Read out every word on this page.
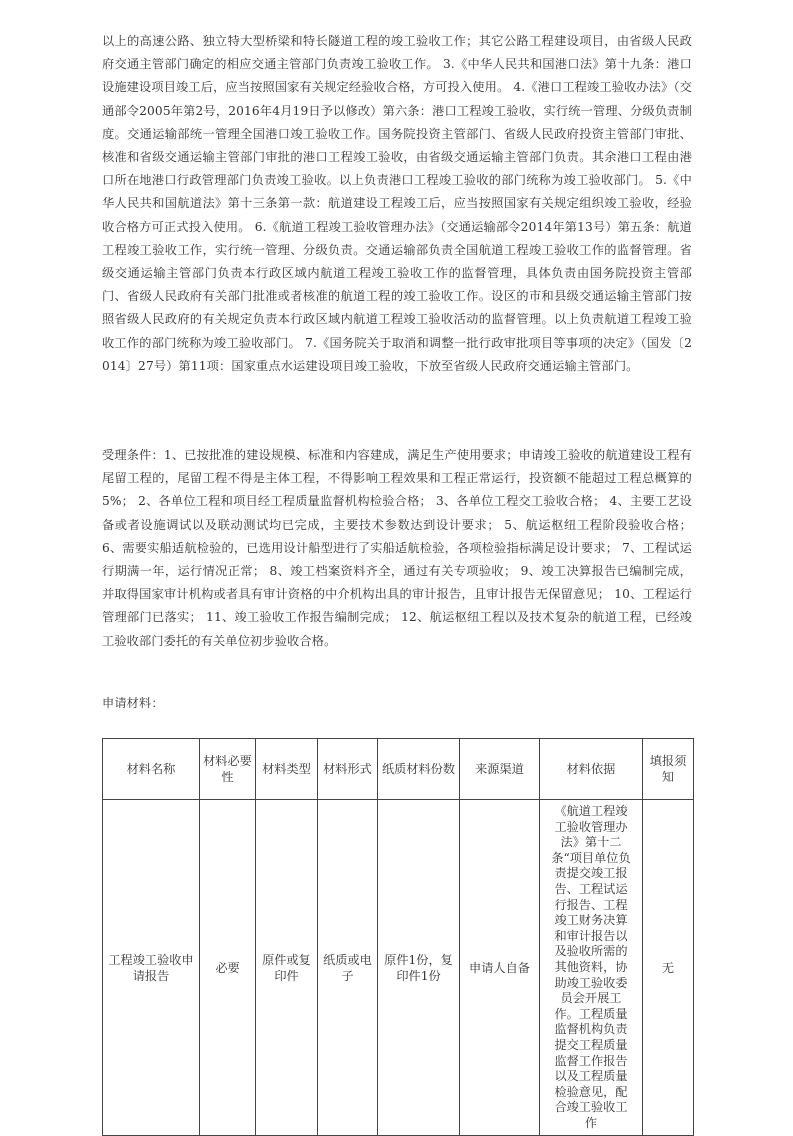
以上的高速公路、独立特大型桥梁和特长隧道工程的竣工验收工作；其它公路工程建设项目，由省级人民政府交通主管部门确定的相应交通主管部门负责竣工验收工作。 3.《中华人民共和国港口法》第十九条：港口设施建设项目竣工后，应当按照国家有关规定经验收合格，方可投入使用。 4.《港口工程竣工验收办法》（交通部令2005年第2号，2016年4月19日予以修改）第六条：港口工程竣工验收，实行统一管理、分级负责制度。交通运输部统一管理全国港口竣工验收工作。国务院投资主管部门、省级人民政府投资主管部门审批、核准和省级交通运输主管部门审批的港口工程竣工验收，由省级交通运输主管部门负责。其余港口工程由港口所在地港口行政管理部门负责竣工验收。以上负责港口工程竣工验收的部门统称为竣工验收部门。 5.《中华人民共和国航道法》第十三条第一款：航道建设工程竣工后，应当按照国家有关规定组织竣工验收，经验收合格方可正式投入使用。 6.《航道工程竣工验收管理办法》（交通运输部令2014年第13号）第五条：航道工程竣工验收工作，实行统一管理、分级负责。交通运输部负责全国航道工程竣工验收工作的监督管理。省级交通运输主管部门负责本行政区域内航道工程竣工验收工作的监督管理，具体负责由国务院投资主管部门、省级人民政府有关部门批准或者核准的航道工程的竣工验收工作。设区的市和县级交通运输主管部门按照省级人民政府的有关规定负责本行政区域内航道工程竣工验收活动的监督管理。以上负责航道工程竣工验收工作的部门统称为竣工验收部门。 7.《国务院关于取消和调整一批行政审批项目等事项的决定》（国发〔2014〕27号）第11项：国家重点水运建设项目竣工验收，下放至省级人民政府交通运输主管部门。

受理条件：1、已按批准的建设规模、标准和内容建成，满足生产使用要求；申请竣工验收的航道建设工程有尾留工程的，尾留工程不得是主体工程，不得影响工程效果和工程正常运行，投资额不能超过工程总概算的5%； 2、各单位工程和项目经工程质量监督机构检验合格； 3、各单位工程交工验收合格； 4、主要工艺设备或者设施调试以及联动测试均已完成，主要技术参数达到设计要求； 5、航运枢纽工程阶段验收合格； 6、需要实船适航检验的，已选用设计船型进行了实船适航检验，各项检验指标满足设计要求； 7、工程试运行期满一年，运行情况正常； 8、竣工档案资料齐全，通过有关专项验收； 9、竣工决算报告已编制完成，并取得国家审计机构或者具有审计资格的中介机构出具的审计报告，且审计报告无保留意见； 10、工程运行管理部门已落实； 11、竣工验收工作报告编制完成； 12、航运枢纽工程以及技术复杂的航道工程，已经竣工验收部门委托的有关单位初步验收合格。

申请材料：

材料名称	材料必要性	材料类型	材料形式	纸质材料份数	来源渠道	材料依据	填报须知
工程竣工验收申请报告	必要	原件或复印件	纸质或电子	原件1份，复印件1份	申请人自备	《航道工程竣工验收管理办法》第十二条“项目单位负责提交竣工报告、工程试运行报告、工程竣工财务决算和审计报告以及验收所需的其他资料，协助竣工验收委员会开展工作。工程质量监督机构负责提交工程质量监督工作报告以及工程质量检验意见，配合竣工验收工作	无
